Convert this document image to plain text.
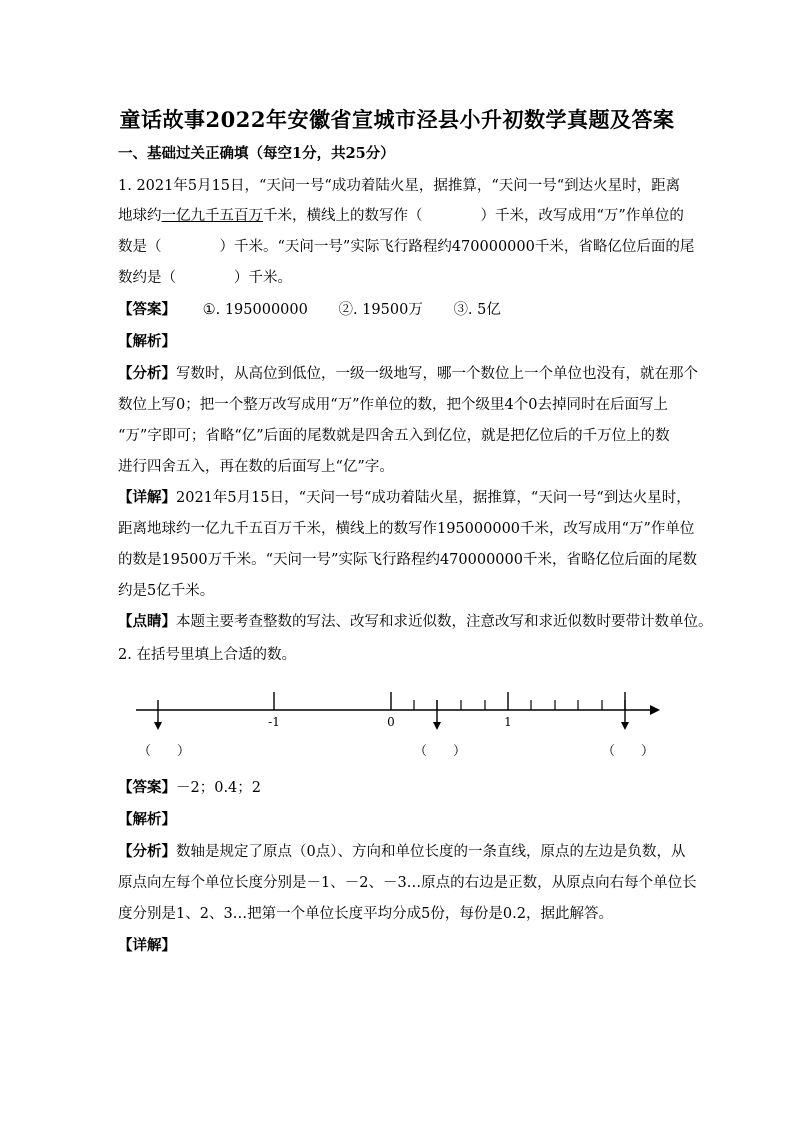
童话故事2022年安徽省宣城市泾县小升初数学真题及答案
一、基础过关正确填（每空1分，共25分）
1. 2021年5月15日，“天问一号“成功着陆火星，据推算，“天问一号“到达火星时，距离
地球约一亿九千五百万千米，横线上的数写作（　　　　）千米，改写成用“万”作单位的
数是（　　　　）千米。“天问一号”实际飞行路程约470000000千米，省略亿位后面的尾
数约是（　　　　）千米。
【答案】 ①. 195000000 ②. 19500万 ③. 5亿
【解析】
【分析】写数时，从高位到低位，一级一级地写，哪一个数位上一个单位也没有，就在那个
数位上写0；把一个整万改写成用“万”作单位的数，把个级里4个0去掉同时在后面写上
“万”字即可；省略“亿”后面的尾数就是四舍五入到亿位，就是把亿位后的千万位上的数
进行四舍五入，再在数的后面写上“亿”字。
【详解】2021年5月15日，“天问一号“成功着陆火星，据推算，“天问一号“到达火星时，
距离地球约一亿九千五百万千米，横线上的数写作195000000千米，改写成用“万”作单位
的数是19500万千米。“天问一号”实际飞行路程约470000000千米，省略亿位后面的尾数
约是5亿千米。
【点睛】本题主要考查整数的写法、改写和求近似数，注意改写和求近似数时要带计数单位。
2. 在括号里填上合适的数。
-1	0	1
（　　）	（　　）	（　　）
【答案】－2；0.4；2
【解析】
【分析】数轴是规定了原点（0点）、方向和单位长度的一条直线，原点的左边是负数，从
原点向左每个单位长度分别是－1、－2、－3…原点的右边是正数，从原点向右每个单位长
度分别是1、2、3…把第一个单位长度平均分成5份，每份是0.2，据此解答。
【详解】
